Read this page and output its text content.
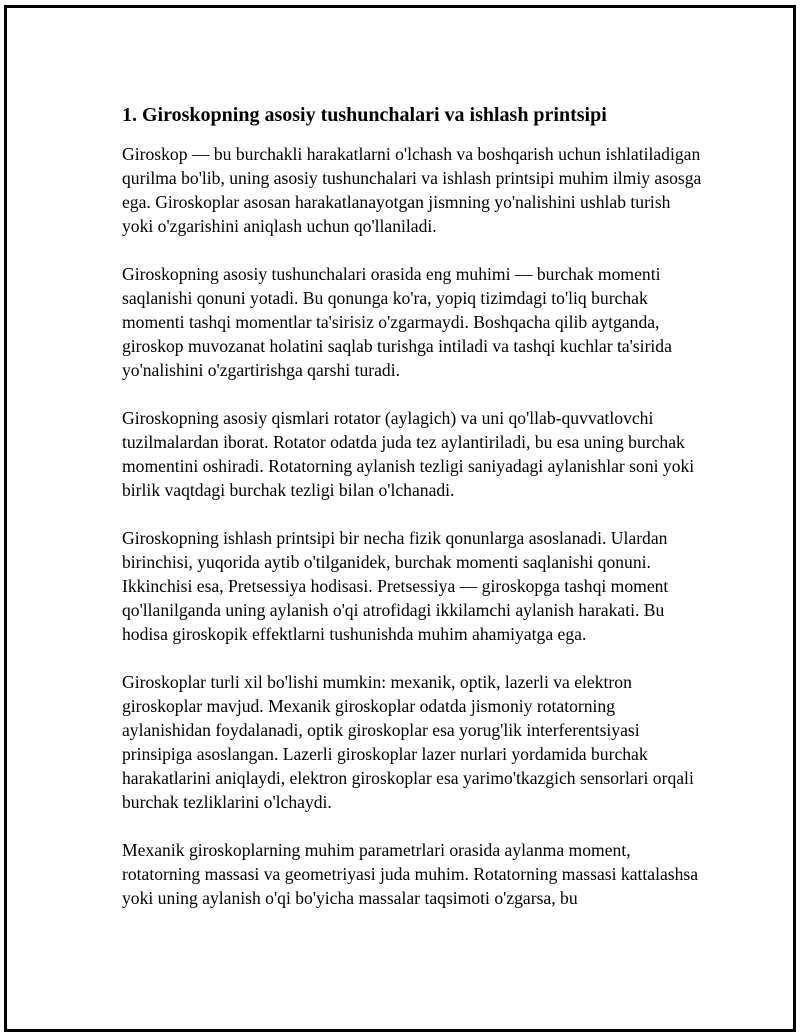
1. Giroskopning asosiy tushunchalari va ishlash printsipi

Giroskop — bu burchakli harakatlarni o'lchash va boshqarish uchun ishlatiladigan qurilma bo'lib, uning asosiy tushunchalari va ishlash printsipi muhim ilmiy asosga ega. Giroskoplar asosan harakatlanayotgan jismning yo'nalishini ushlab turish yoki o'zgarishini aniqlash uchun qo'llaniladi.

Giroskopning asosiy tushunchalari orasida eng muhimi — burchak momenti saqlanishi qonuni yotadi. Bu qonunga ko'ra, yopiq tizimdagi to'liq burchak momenti tashqi momentlar ta'sirisiz o'zgarmaydi. Boshqacha qilib aytganda, giroskop muvozanat holatini saqlab turishga intiladi va tashqi kuchlar ta'sirida yo'nalishini o'zgartirishga qarshi turadi.

Giroskopning asosiy qismlari rotator (aylagich) va uni qo'llab-quvvatlovchi tuzilmalardan iborat. Rotator odatda juda tez aylantiriladi, bu esa uning burchak momentini oshiradi. Rotatorning aylanish tezligi saniyadagi aylanishlar soni yoki birlik vaqtdagi burchak tezligi bilan o'lchanadi.

Giroskopning ishlash printsipi bir necha fizik qonunlarga asoslanadi. Ulardan birinchisi, yuqorida aytib o'tilganidek, burchak momenti saqlanishi qonuni. Ikkinchisi esa, Pretsessiya hodisasi. Pretsessiya — giroskopga tashqi moment qo'llanilganda uning aylanish o'qi atrofidagi ikkilamchi aylanish harakati. Bu hodisa giroskopik effektlarni tushunishda muhim ahamiyatga ega.

Giroskoplar turli xil bo'lishi mumkin: mexanik, optik, lazerli va elektron giroskoplar mavjud. Mexanik giroskoplar odatda jismoniy rotatorning aylanishidan foydalanadi, optik giroskoplar esa yorug'lik interferentsiyasi prinsipiga asoslangan. Lazerli giroskoplar lazer nurlari yordamida burchak harakatlarini aniqlaydi, elektron giroskoplar esa yarimo'tkazgich sensorlari orqali burchak tezliklarini o'lchaydi.

Mexanik giroskoplarning muhim parametrlari orasida aylanma moment, rotatorning massasi va geometriyasi juda muhim. Rotatorning massasi kattalashsa yoki uning aylanish o'qi bo'yicha massalar taqsimoti o'zgarsa, bu
